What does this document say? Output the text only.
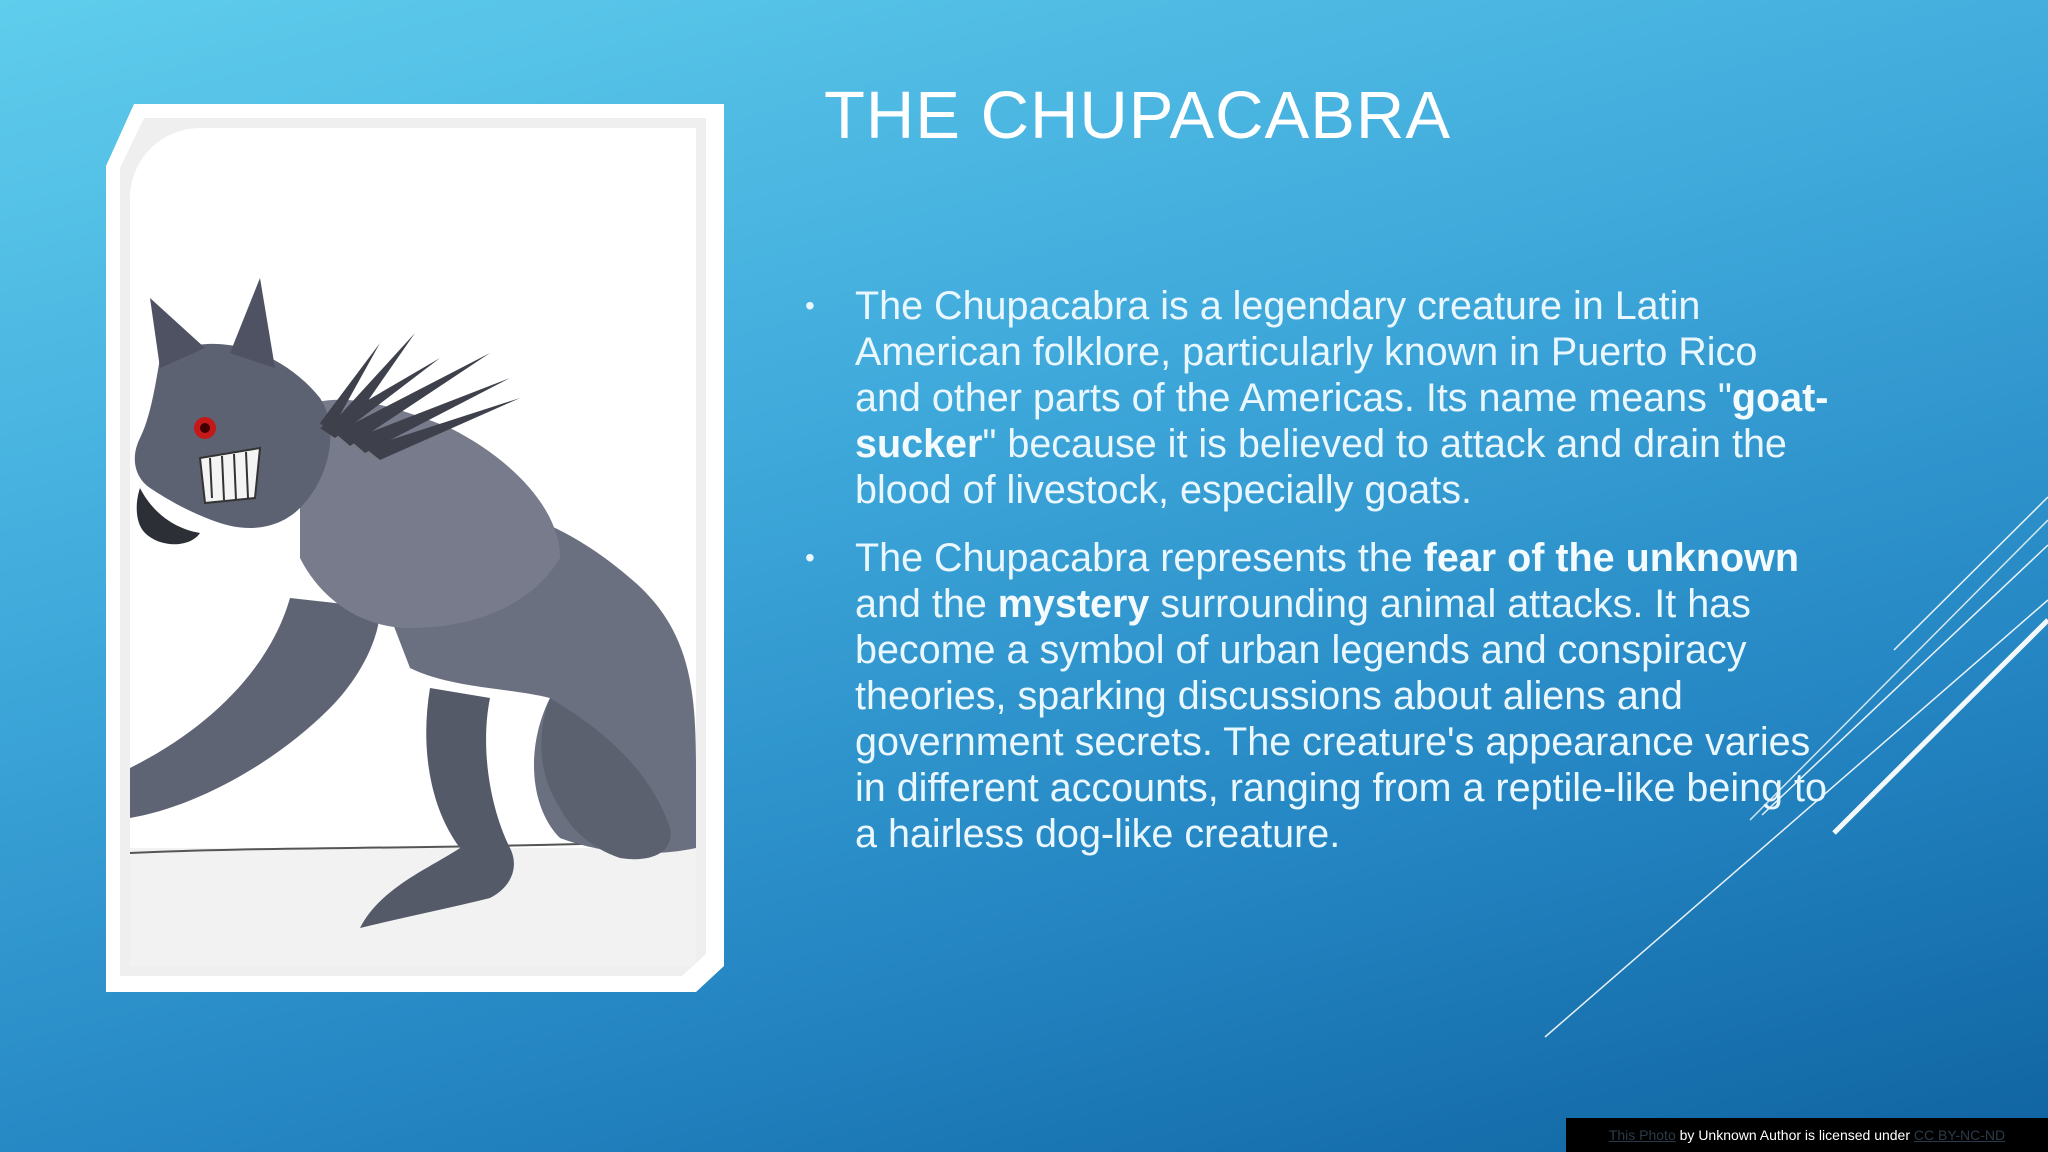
THE CHUPACABRA
• The Chupacabra is a legendary creature in Latin American folklore, particularly known in Puerto Rico and other parts of the Americas. Its name means "goat-sucker" because it is believed to attack and drain the blood of livestock, especially goats.
• The Chupacabra represents the fear of the unknown and the mystery surrounding animal attacks. It has become a symbol of urban legends and conspiracy theories, sparking discussions about aliens and government secrets. The creature's appearance varies in different accounts, ranging from a reptile-like being to a hairless dog-like creature.
This Photo by Unknown Author is licensed under CC BY-NC-ND
